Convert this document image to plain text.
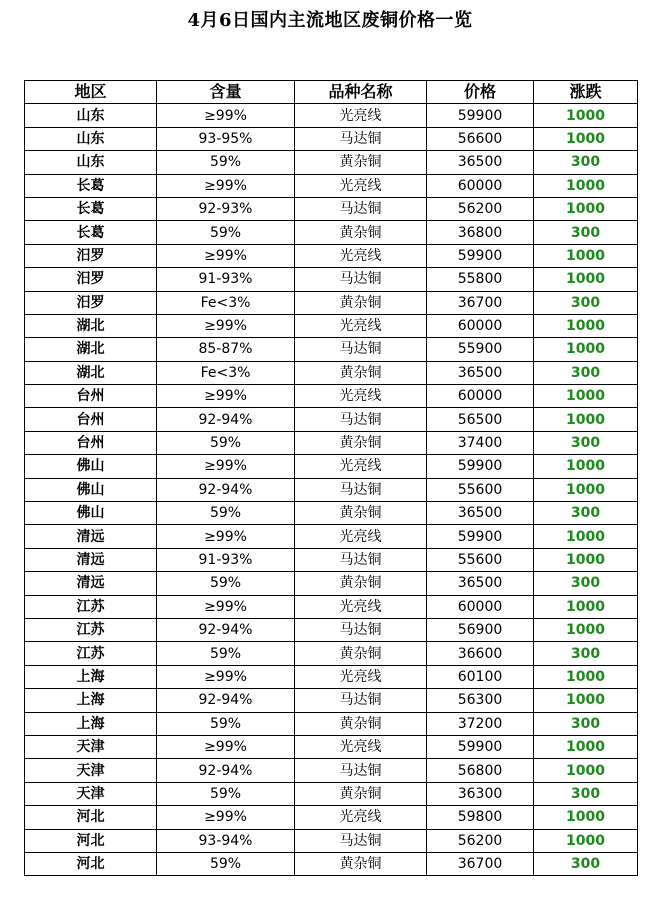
4月6日国内主流地区废铜价格一览
地区	含量	品种名称	价格	涨跌
山东	≥99%	光亮线	59900	1000
山东	93-95%	马达铜	56600	1000
山东	59%	黄杂铜	36500	300
长葛	≥99%	光亮线	60000	1000
长葛	92-93%	马达铜	56200	1000
长葛	59%	黄杂铜	36800	300
汨罗	≥99%	光亮线	59900	1000
汨罗	91-93%	马达铜	55800	1000
汨罗	Fe<3%	黄杂铜	36700	300
湖北	≥99%	光亮线	60000	1000
湖北	85-87%	马达铜	55900	1000
湖北	Fe<3%	黄杂铜	36500	300
台州	≥99%	光亮线	60000	1000
台州	92-94%	马达铜	56500	1000
台州	59%	黄杂铜	37400	300
佛山	≥99%	光亮线	59900	1000
佛山	92-94%	马达铜	55600	1000
佛山	59%	黄杂铜	36500	300
清远	≥99%	光亮线	59900	1000
清远	91-93%	马达铜	55600	1000
清远	59%	黄杂铜	36500	300
江苏	≥99%	光亮线	60000	1000
江苏	92-94%	马达铜	56900	1000
江苏	59%	黄杂铜	36600	300
上海	≥99%	光亮线	60100	1000
上海	92-94%	马达铜	56300	1000
上海	59%	黄杂铜	37200	300
天津	≥99%	光亮线	59900	1000
天津	92-94%	马达铜	56800	1000
天津	59%	黄杂铜	36300	300
河北	≥99%	光亮线	59800	1000
河北	93-94%	马达铜	56200	1000
河北	59%	黄杂铜	36700	300
